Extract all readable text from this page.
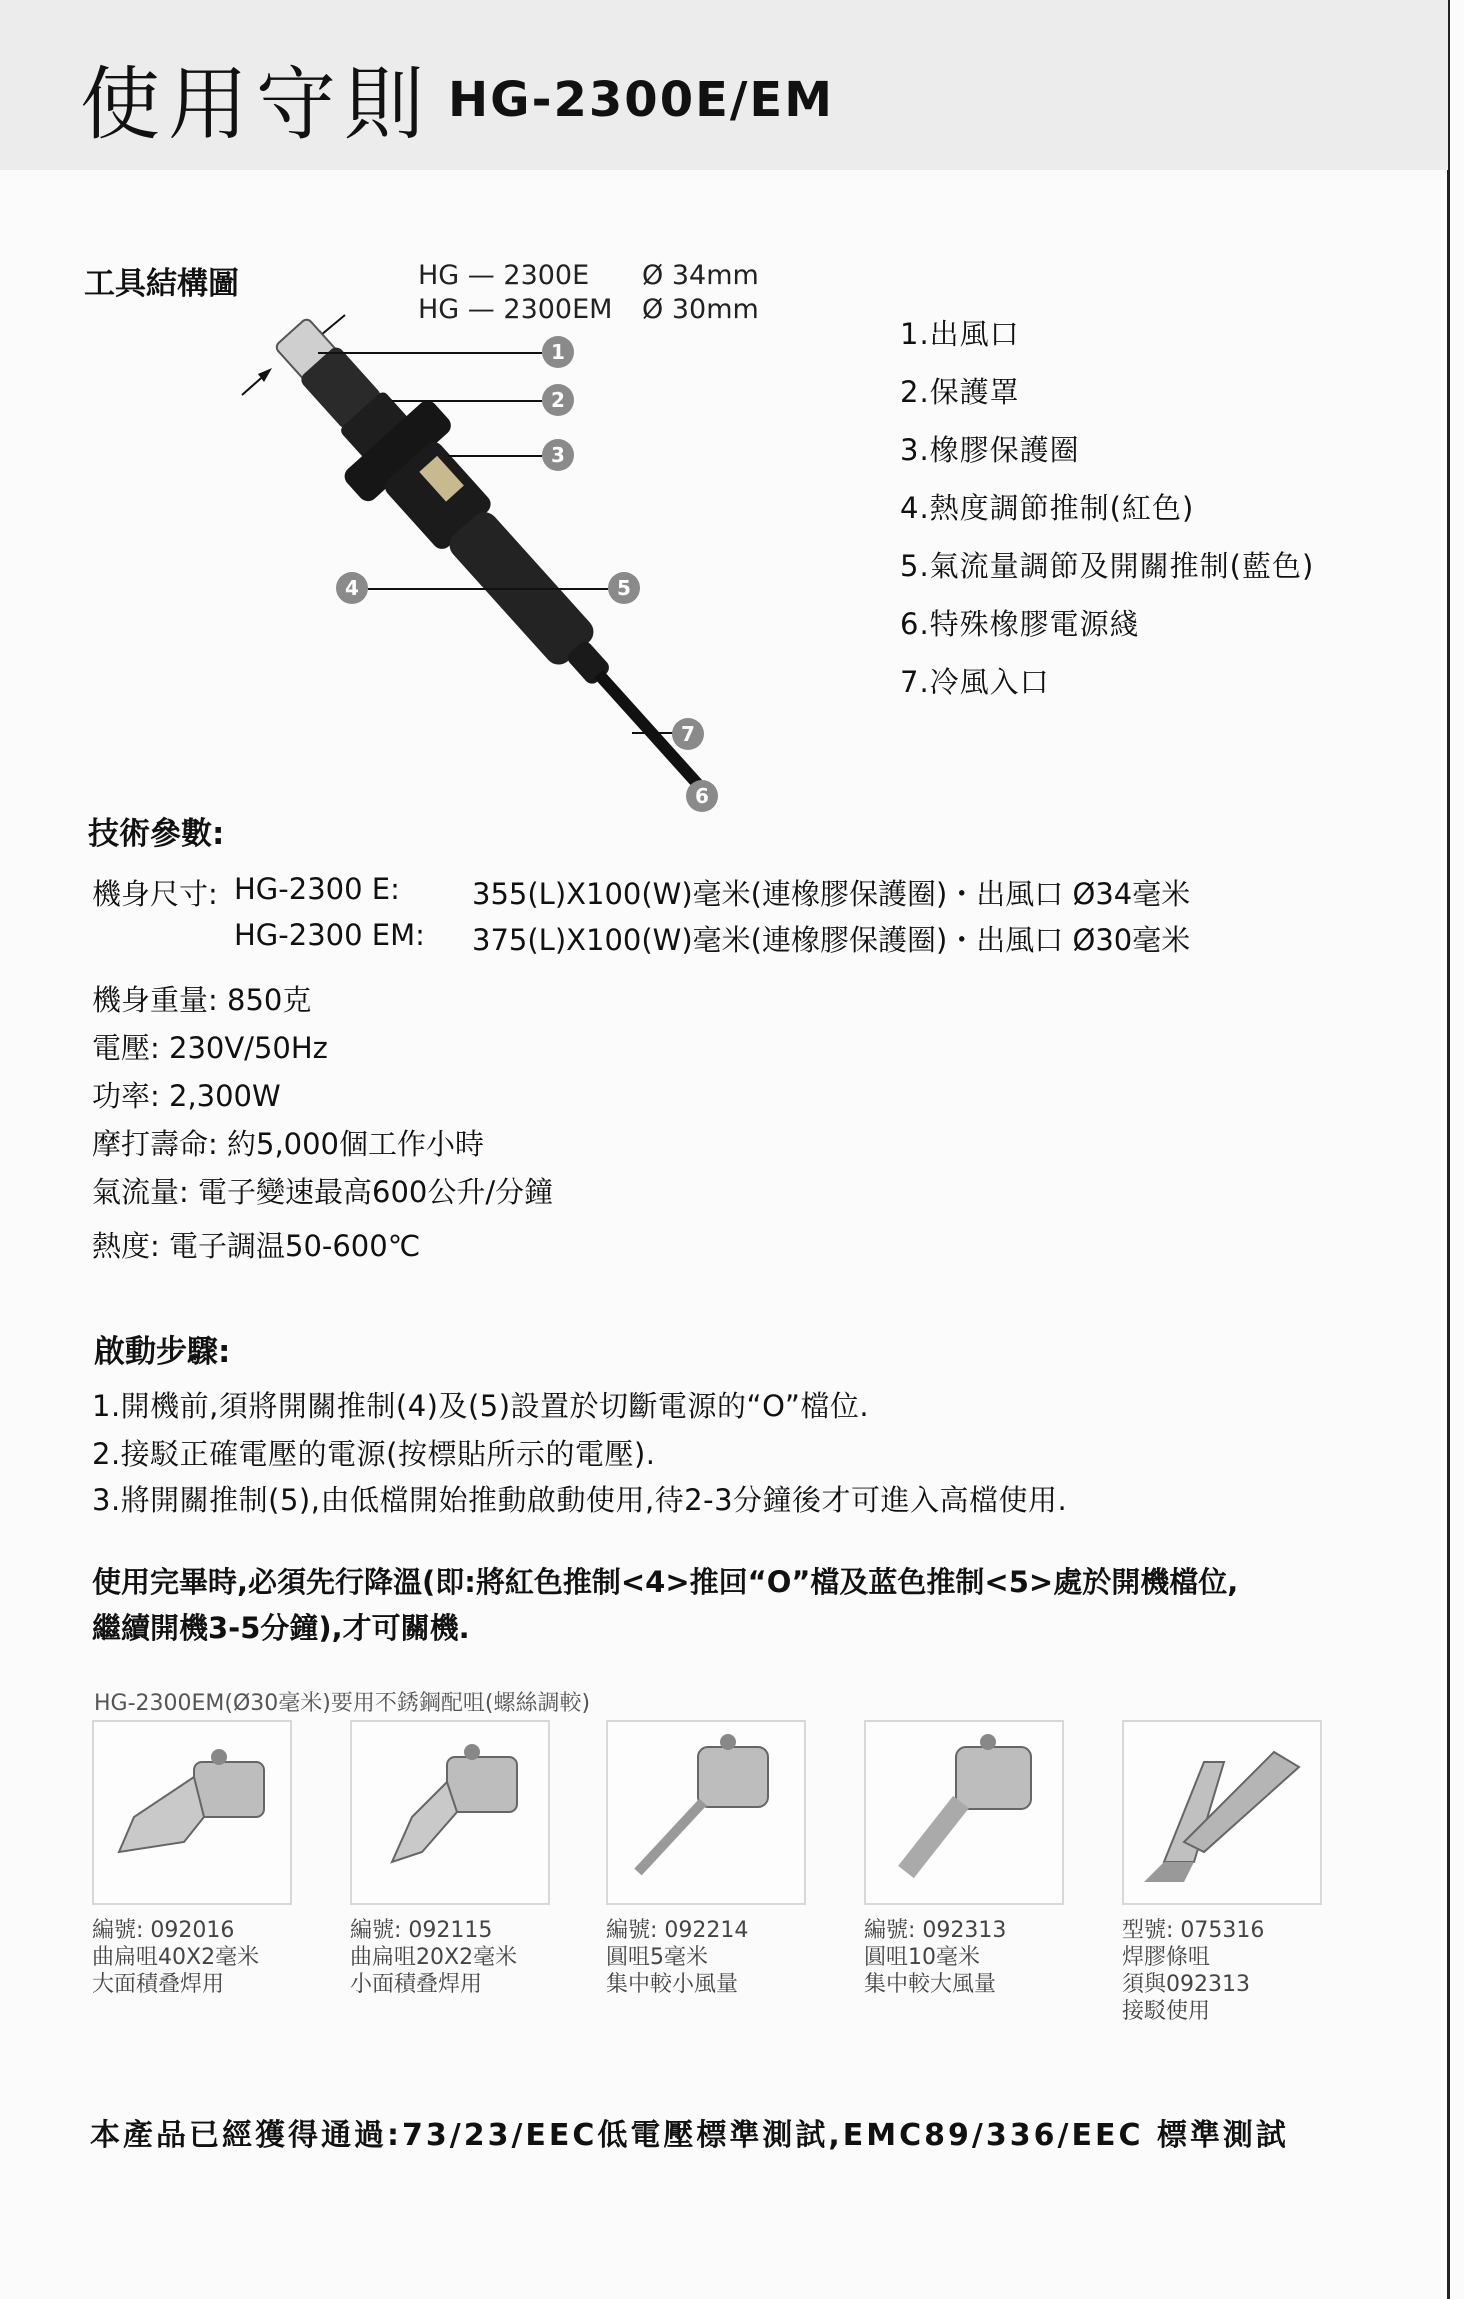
使用守則 HG-2300E/EM
工具結構圖	HG — 2300E Ø 34mm
HG — 2300EM Ø 30mm
1
2
3
4	5
6
7
1.出風口
2.保護罩
3.橡膠保護圈
4.熱度調節推制(紅色)
5.氣流量調節及開關推制(藍色)
6.特殊橡膠電源綫
7.冷風入口
技術參數:
機身尺寸: HG-2300 E: 355(L)X100(W)毫米(連橡膠保護圈)・出風口 Ø34毫米
HG-2300 EM: 375(L)X100(W)毫米(連橡膠保護圈)・出風口 Ø30毫米
機身重量: 850克
電壓: 230V/50Hz
功率: 2,300W
摩打壽命: 約5,000個工作小時
氣流量: 電子變速最高600公升/分鐘
熱度: 電子調温50-600℃
啟動步驟:
1.開機前,須將開關推制(4)及(5)設置於切斷電源的“O”檔位.
2.接駁正確電壓的電源(按標貼所示的電壓).
3.將開關推制(5),由低檔開始推動啟動使用,待2-3分鐘後才可進入高檔使用.
使用完畢時,必須先行降溫(即:將紅色推制<4>推回“O”檔及蓝色推制<5>處於開機檔位,
繼續開機3-5分鐘),才可關機.
HG-2300EM(Ø30毫米)要用不銹鋼配咀(螺絲調較)
編號: 092016
曲扁咀40X2毫米
大面積叠焊用
編號: 092115
曲扁咀20X2毫米
小面積叠焊用
編號: 092214
圓咀5毫米
集中較小風量
編號: 092313
圓咀10毫米
集中較大風量
型號: 075316
焊膠條咀
須與092313
接駁使用
本產品已經獲得通過:73/23/EEC低電壓標準測試,EMC89/336/EEC 標準測試
